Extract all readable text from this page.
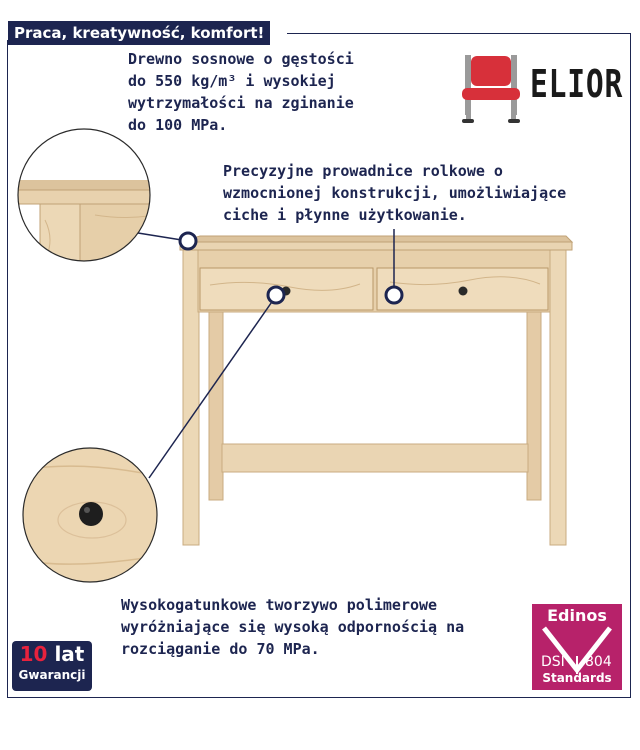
Praca, kreatywność, komfort!
Drewno sosnowe o gęstości
do 550 kg/m³ i wysokiej
wytrzymałości na zginanie
do 100 MPa.
Precyzyjne prowadnice rolkowe o
wzmocnionej konstrukcji, umożliwiające
ciche i płynne użytkowanie.
Wysokogatunkowe tworzywo polimerowe
wyróżniające się wysoką odpornością na
rozciąganie do 70 MPa.
ELIOR
10 lat
Gwarancji
Edinos
DSI 804
Standards
